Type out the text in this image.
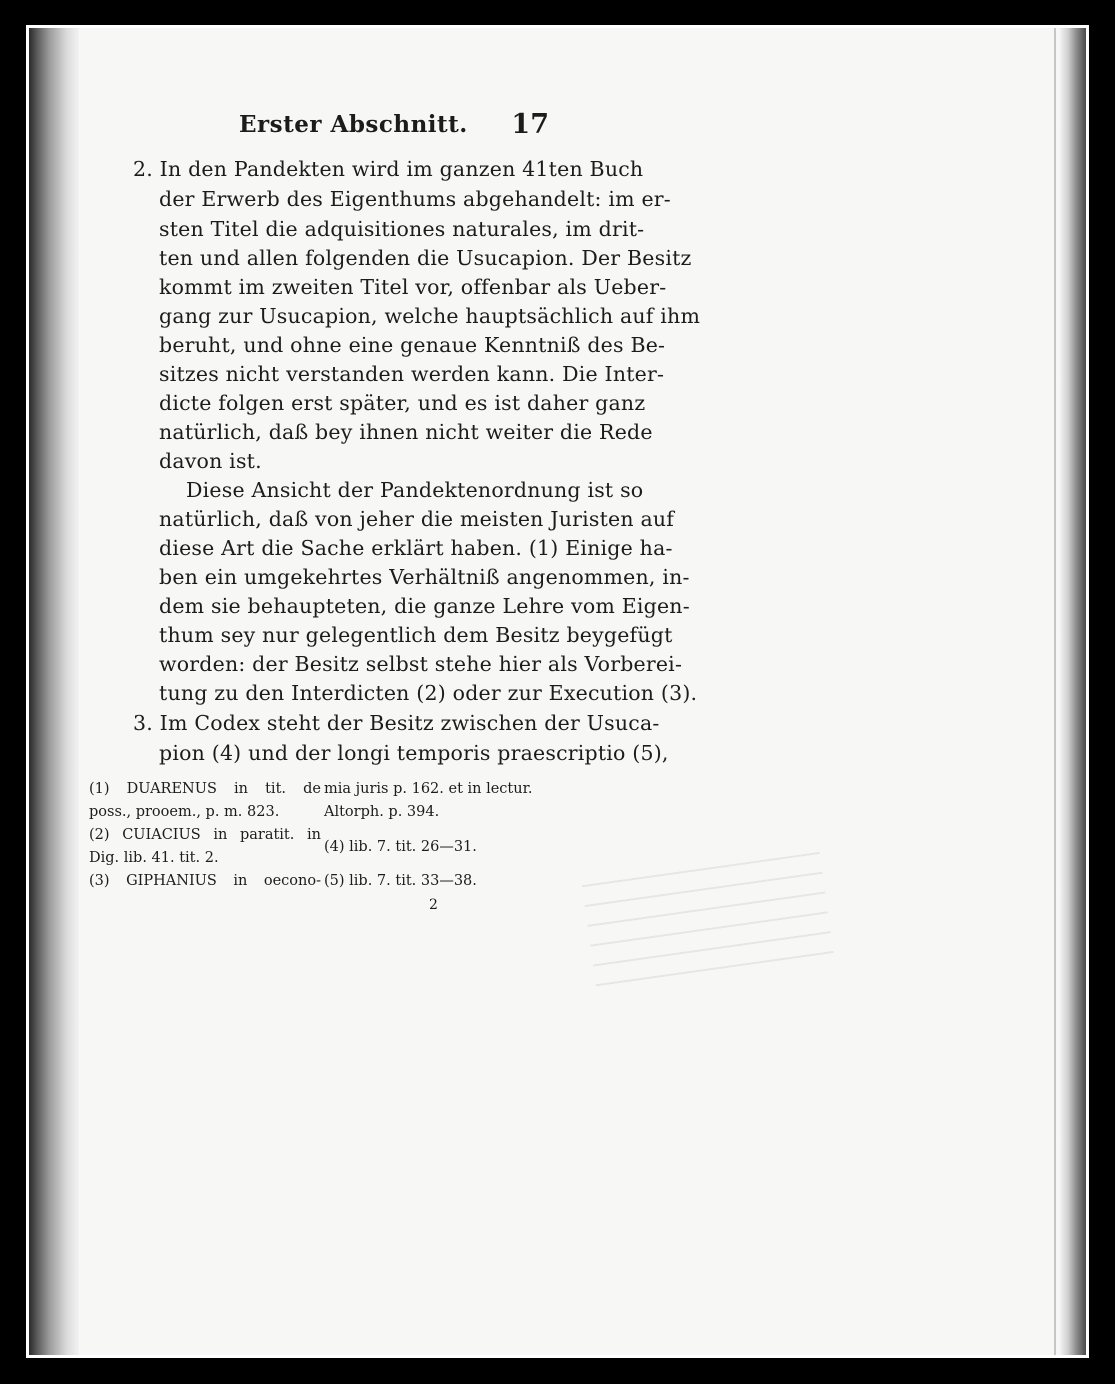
Erster Abschnitt. 17
2. In den Pandekten wird im ganzen 41ten Buch
der Erwerb des Eigenthums abgehandelt: im er-
sten Titel die adquisitiones naturales, im drit-
ten und allen folgenden die Usucapion. Der Besitz
kommt im zweiten Titel vor, offenbar als Ueber-
gang zur Usucapion, welche hauptsächlich auf ihm
beruht, und ohne eine genaue Kenntniß des Be-
sitzes nicht verstanden werden kann. Die Inter-
dicte folgen erst später, und es ist daher ganz
natürlich, daß bey ihnen nicht weiter die Rede
davon ist.
Diese Ansicht der Pandektenordnung ist so
natürlich, daß von jeher die meisten Juristen auf
diese Art die Sache erklärt haben. (1) Einige ha-
ben ein umgekehrtes Verhältniß angenommen, in-
dem sie behaupteten, die ganze Lehre vom Eigen-
thum sey nur gelegentlich dem Besitz beygefügt
worden: der Besitz selbst stehe hier als Vorberei-
tung zu den Interdicten (2) oder zur Execution (3).
3. Im Codex steht der Besitz zwischen der Usuca-
pion (4) und der longi temporis praescriptio (5),
(1) DUARENUS in tit. de
poss., prooem., p. m. 823.
(2) CUIACIUS in paratit. in
Dig. lib. 41. tit. 2.
(3) GIPHANIUS in oecono-
mia juris p. 162. et in lectur.
Altorph. p. 394.
(4) lib. 7. tit. 26—31.
(5) lib. 7. tit. 33—38.
2
